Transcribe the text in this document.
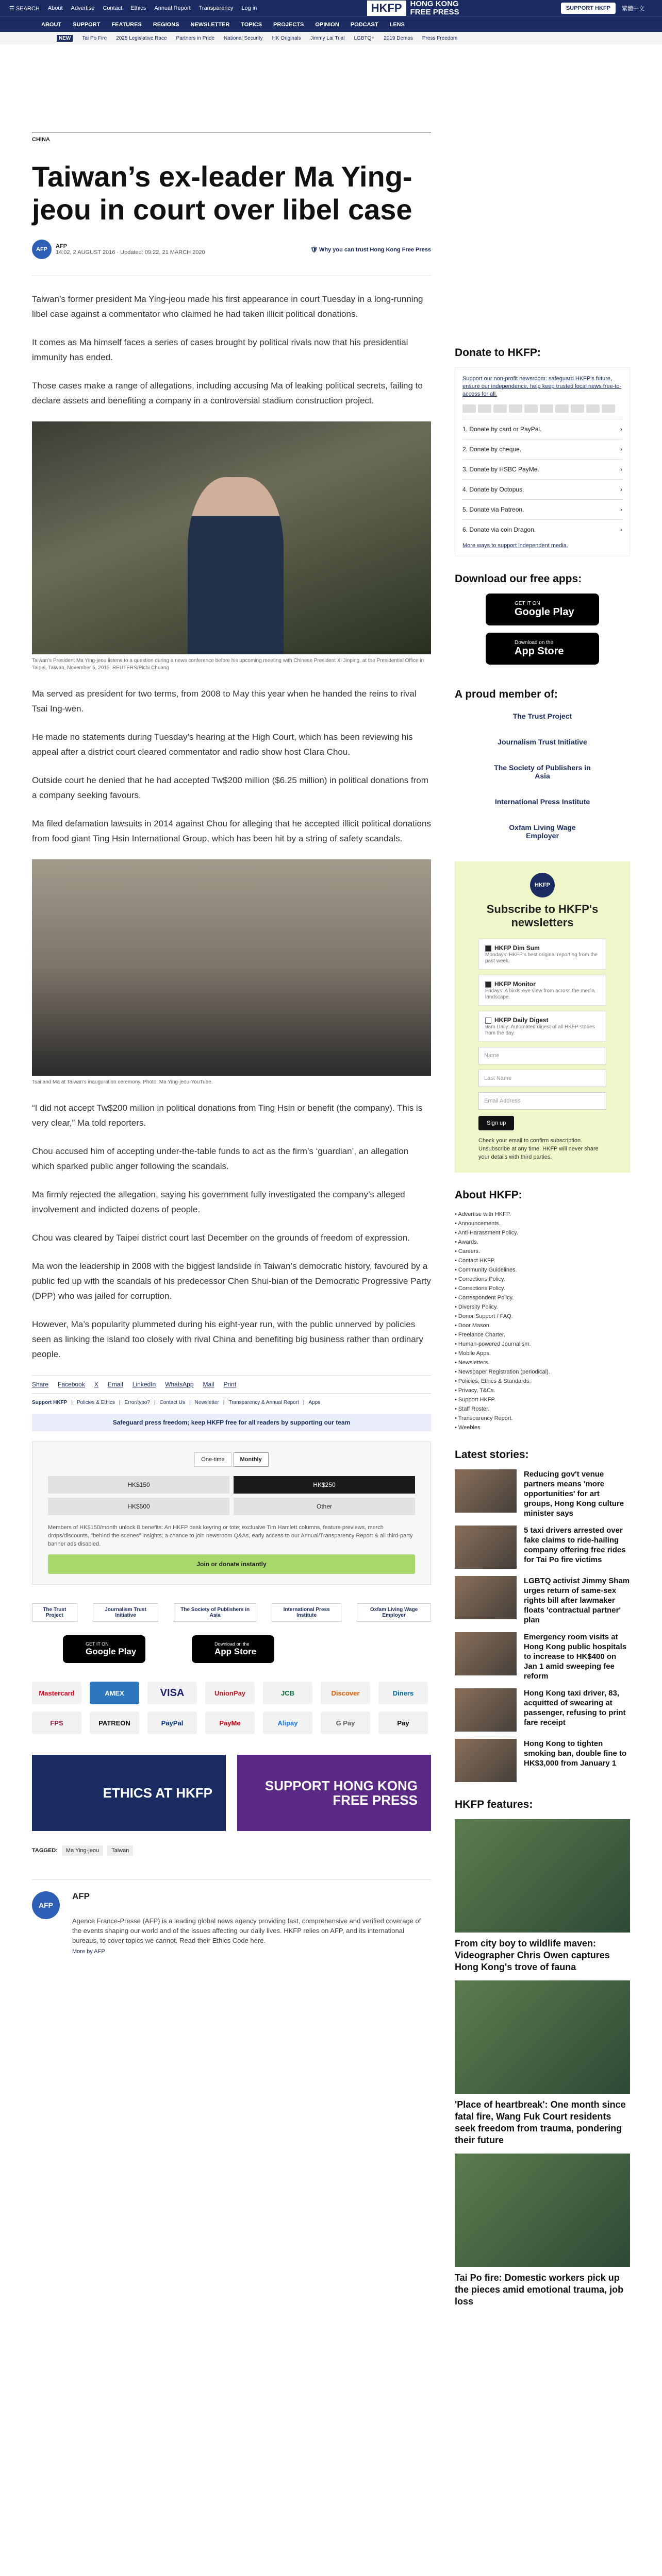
☰ SEARCH About Advertise Contact Ethics Annual Report Transparency Log in	HKFP	HONG KONG
FREE PRESS	SUPPORT HKFP	繁體中文
ABOUT SUPPORT FEATURES REGIONS NEWSLETTER TOPICS PROJECTS OPINION PODCAST LENS
NEW	Tai Po Fire 2025 Legislative Race Partners in Pride National Security HK Originals Jimmy Lai Trial LGBTQ+ 2019 Demos Press Freedom
CHINA
Taiwan’s ex-leader Ma Ying-jeou in court over libel case
AFP	AFP
14:02, 2 AUGUST 2016 · Updated: 09:22, 21 MARCH 2020	🛡 Why you can trust Hong Kong Free Press

Taiwan’s former president Ma Ying-jeou made his first appearance in court Tuesday in a long-running libel case against a commentator who claimed he had taken illicit political donations.

It comes as Ma himself faces a series of cases brought by political rivals now that his presidential immunity has ended.

Those cases make a range of allegations, including accusing Ma of leaking political secrets, failing to declare assets and benefiting a company in a controversial stadium construction project.

Taiwan’s President Ma Ying-jeou listens to a question during a news conference before his upcoming meeting with Chinese President Xi Jinping, at the Presidential Office in Taipei, Taiwan, November 5, 2015. REUTERS/Pichi Chuang

Ma served as president for two terms, from 2008 to May this year when he handed the reins to rival Tsai Ing-wen.

He made no statements during Tuesday’s hearing at the High Court, which has been reviewing his appeal after a district court cleared commentator and radio show host Clara Chou.

Outside court he denied that he had accepted Tw$200 million ($6.25 million) in political donations from a company seeking favours.

Ma filed defamation lawsuits in 2014 against Chou for alleging that he accepted illicit political donations from food giant Ting Hsin International Group, which has been hit by a string of safety scandals.

Tsai and Ma at Taiwan’s inauguration ceremony. Photo: Ma Ying-jeou-YouTube.

“I did not accept Tw$200 million in political donations from Ting Hsin or benefit (the company). This is very clear,” Ma told reporters.

Chou accused him of accepting under-the-table funds to act as the firm’s ‘guardian’, an allegation which sparked public anger following the scandals.

Ma firmly rejected the allegation, saying his government fully investigated the company’s alleged involvement and indicted dozens of people.

Chou was cleared by Taipei district court last December on the grounds of freedom of expression.

Ma won the leadership in 2008 with the biggest landslide in Taiwan’s democratic history, favoured by a public fed up with the scandals of his predecessor Chen Shui-bian of the Democratic Progressive Party (DPP) who was jailed for corruption.

However, Ma’s popularity plummeted during his eight-year run, with the public unnerved by policies seen as linking the island too closely with rival China and benefiting big business rather than ordinary people.

Share Facebook X Email LinkedIn WhatsApp Mail Print
Support HKFP | Policies & Ethics | Error/typo? | Contact Us | Newsletter | Transparency & Annual Report | Apps
Safeguard press freedom; keep HKFP free for all readers by supporting our team
One-time	Monthly
HK$150	HK$250
HK$500	Other
Members of HK$150/month unlock 8 benefits: An HKFP desk keyring or tote; exclusive Tim Hamlett columns, feature previews, merch drops/discounts, "behind the scenes" insights; a chance to join newsroom Q&As, early access to our Annual/Transparency Report & all third-party banner ads disabled.
Join or donate instantly
The Trust Project
Journalism Trust Initiative
The Society of Publishers in Asia
International Press Institute
Oxfam Living Wage Employer
GET IT ON
Google Play
Download on the
App Store
Mastercard	AMEX	VISA	UnionPay	JCB	Discover	Diners
FPS	PATREON	PayPal	PayMe	Alipay	G Pay	Pay
ETHICS AT HKFP	SUPPORT HONG KONG FREE PRESS
TAGGED:	Ma Ying-jeou	Taiwan
AFP
AFP
Agence France-Presse (AFP) is a leading global news agency providing fast, comprehensive and verified coverage of the events shaping our world and of the issues affecting our daily lives. HKFP relies on AFP, and its international bureaus, to cover topics we cannot. Read their Ethics Code here.
More by AFP
Donate to HKFP:

Support our non-profit newsroom: safeguard HKFP's future, ensure our independence, help keep trusted local news free-to-access for all.

1. Donate by card or PayPal.	›
2. Donate by cheque.	›
3. Donate by HSBC PayMe.	›
4. Donate by Octopus.	›
5. Donate via Patreon.	›
6. Donate via coin Dragon.	›
More ways to support independent media.
Download our free apps:
GET IT ON
Google Play
Download on the
App Store
A proud member of:
The Trust Project
Journalism Trust Initiative
The Society of Publishers in Asia
International Press Institute
Oxfam Living Wage Employer
HKFP
Subscribe to HKFP's newsletters
HKFP Dim Sum
Mondays: HKFP's best original reporting from the past week.
HKFP Monitor
Fridays: A birds-eye view from across the media landscape.
HKFP Daily Digest
9am Daily: Automated digest of all HKFP stories from the day.
Name
Last Name
Email Address
Sign up
Check your email to confirm subscription. Unsubscribe at any time. HKFP will never share your details with third parties.
About HKFP:
• Advertise with HKFP.
• Announcements.
• Anti-Harassment Policy.
• Awards.
• Careers.
• Contact HKFP.
• Community Guidelines.
• Corrections Policy.
• Corrections Policy.
• Correspondent Policy.
• Diversity Policy.
• Donor Support / FAQ.
• Door Mason.
• Freelance Charter.
• Human-powered Journalism.
• Mobile Apps.
• Newsletters.
• Newspaper Registration (periodical).
• Policies, Ethics & Standards.
• Privacy, T&Cs.
• Support HKFP.
• Staff Roster.
• Transparency Report.
• Weebles
Latest stories:
Reducing gov't venue partners means 'more opportunities' for art groups, Hong Kong culture minister says
5 taxi drivers arrested over fake claims to ride-hailing company offering free rides for Tai Po fire victims
LGBTQ activist Jimmy Sham urges return of same-sex rights bill after lawmaker floats 'contractual partner' plan
Emergency room visits at Hong Kong public hospitals to increase to HK$400 on Jan 1 amid sweeping fee reform
Hong Kong taxi driver, 83, acquitted of swearing at passenger, refusing to print fare receipt
Hong Kong to tighten smoking ban, double fine to HK$3,000 from January 1
HKFP features:
From city boy to wildlife maven: Videographer Chris Owen captures Hong Kong's trove of fauna
'Place of heartbreak': One month since fatal fire, Wang Fuk Court residents seek freedom from trauma, pondering their future
Tai Po fire: Domestic workers pick up the pieces amid emotional trauma, job loss
